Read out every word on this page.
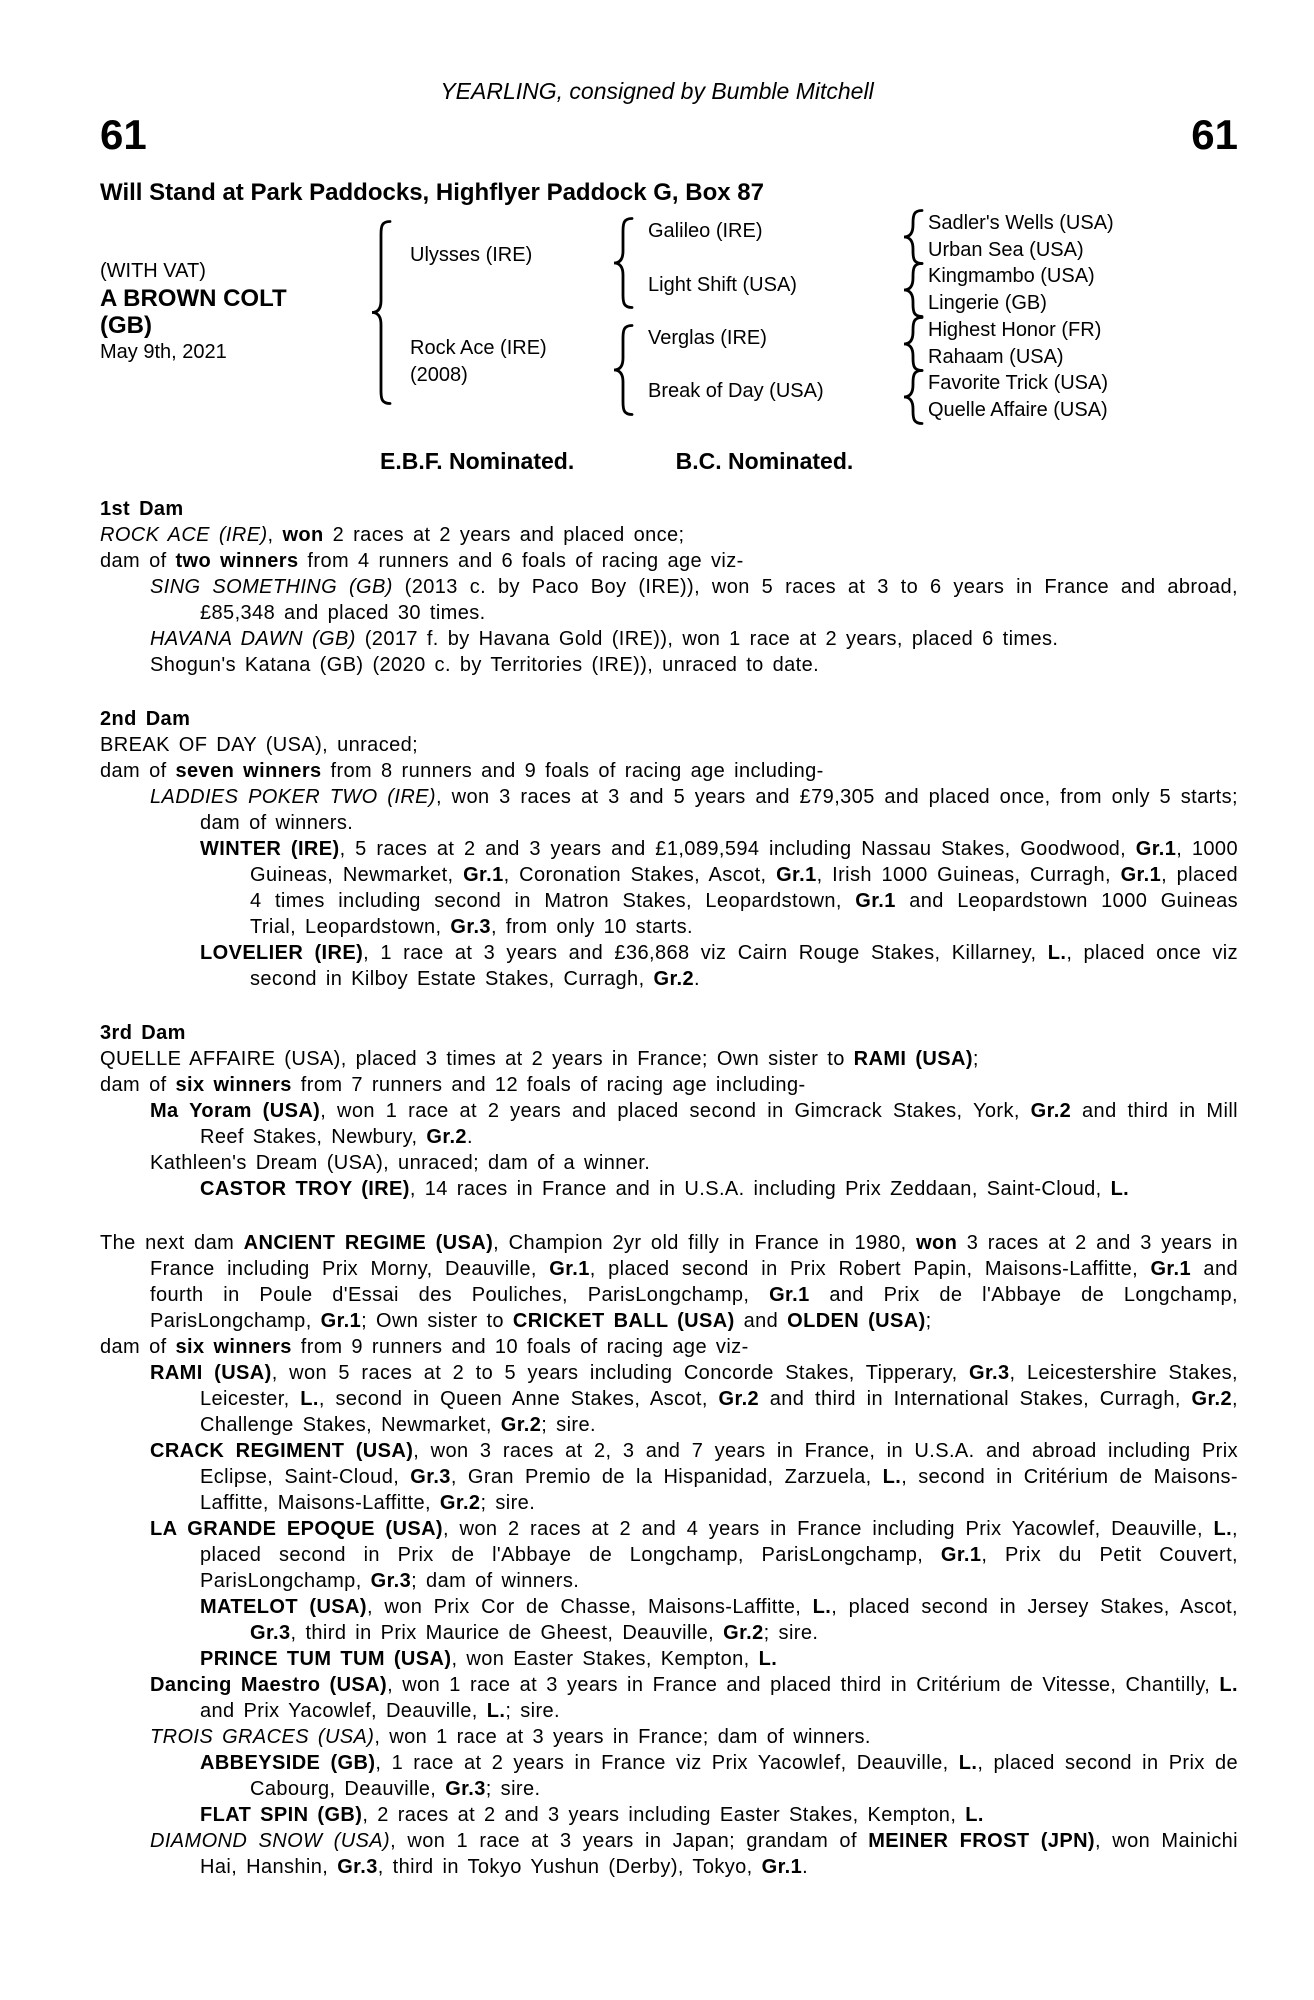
YEARLING, consigned by Bumble Mitchell
61	61
Will Stand at Park Paddocks, Highflyer Paddock G, Box 87
(WITH VAT)
A BROWN COLT
(GB)
May 9th, 2021
Ulysses (IRE)
Rock Ace (IRE)
(2008)
Galileo (IRE)
Light Shift (USA)
Verglas (IRE)
Break of Day (USA)
Sadler's Wells (USA)
Urban Sea (USA)
Kingmambo (USA)
Lingerie (GB)
Highest Honor (FR)
Rahaam (USA)
Favorite Trick (USA)
Quelle Affaire (USA)
E.B.F. Nominated.	B.C. Nominated.
1st Dam

ROCK ACE (IRE), won 2 races at 2 years and placed once;

dam of two winners from 4 runners and 6 foals of racing age viz-

SING SOMETHING (GB) (2013 c. by Paco Boy (IRE)), won 5 races at 3 to 6 years in France and abroad, £85,348 and placed 30 times.

HAVANA DAWN (GB) (2017 f. by Havana Gold (IRE)), won 1 race at 2 years, placed 6 times.

Shogun's Katana (GB) (2020 c. by Territories (IRE)), unraced to date.

2nd Dam

BREAK OF DAY (USA), unraced;

dam of seven winners from 8 runners and 9 foals of racing age including-

LADDIES POKER TWO (IRE), won 3 races at 3 and 5 years and £79,305 and placed once, from only 5 starts; dam of winners.

WINTER (IRE), 5 races at 2 and 3 years and £1,089,594 including Nassau Stakes, Goodwood, Gr.1, 1000 Guineas, Newmarket, Gr.1, Coronation Stakes, Ascot, Gr.1, Irish 1000 Guineas, Curragh, Gr.1, placed 4 times including second in Matron Stakes, Leopardstown, Gr.1 and Leopardstown 1000 Guineas Trial, Leopardstown, Gr.3, from only 10 starts.

LOVELIER (IRE), 1 race at 3 years and £36,868 viz Cairn Rouge Stakes, Killarney, L., placed once viz second in Kilboy Estate Stakes, Curragh, Gr.2.

3rd Dam

QUELLE AFFAIRE (USA), placed 3 times at 2 years in France; Own sister to RAMI (USA);

dam of six winners from 7 runners and 12 foals of racing age including-

Ma Yoram (USA), won 1 race at 2 years and placed second in Gimcrack Stakes, York, Gr.2 and third in Mill Reef Stakes, Newbury, Gr.2.

Kathleen's Dream (USA), unraced; dam of a winner.

CASTOR TROY (IRE), 14 races in France and in U.S.A. including Prix Zeddaan, Saint-Cloud, L.

The next dam ANCIENT REGIME (USA), Champion 2yr old filly in France in 1980, won 3 races at 2 and 3 years in France including Prix Morny, Deauville, Gr.1, placed second in Prix Robert Papin, Maisons-Laffitte, Gr.1 and fourth in Poule d'Essai des Pouliches, ParisLongchamp, Gr.1 and Prix de l'Abbaye de Longchamp, ParisLongchamp, Gr.1; Own sister to CRICKET BALL (USA) and OLDEN (USA);

dam of six winners from 9 runners and 10 foals of racing age viz-

RAMI (USA), won 5 races at 2 to 5 years including Concorde Stakes, Tipperary, Gr.3, Leicestershire Stakes, Leicester, L., second in Queen Anne Stakes, Ascot, Gr.2 and third in International Stakes, Curragh, Gr.2, Challenge Stakes, Newmarket, Gr.2; sire.

CRACK REGIMENT (USA), won 3 races at 2, 3 and 7 years in France, in U.S.A. and abroad including Prix Eclipse, Saint-Cloud, Gr.3, Gran Premio de la Hispanidad, Zarzuela, L., second in Critérium de Maisons-Laffitte, Maisons-Laffitte, Gr.2; sire.

LA GRANDE EPOQUE (USA), won 2 races at 2 and 4 years in France including Prix Yacowlef, Deauville, L., placed second in Prix de l'Abbaye de Longchamp, ParisLongchamp, Gr.1, Prix du Petit Couvert, ParisLongchamp, Gr.3; dam of winners.

MATELOT (USA), won Prix Cor de Chasse, Maisons-Laffitte, L., placed second in Jersey Stakes, Ascot, Gr.3, third in Prix Maurice de Gheest, Deauville, Gr.2; sire.

PRINCE TUM TUM (USA), won Easter Stakes, Kempton, L.

Dancing Maestro (USA), won 1 race at 3 years in France and placed third in Critérium de Vitesse, Chantilly, L. and Prix Yacowlef, Deauville, L.; sire.

TROIS GRACES (USA), won 1 race at 3 years in France; dam of winners.

ABBEYSIDE (GB), 1 race at 2 years in France viz Prix Yacowlef, Deauville, L., placed second in Prix de Cabourg, Deauville, Gr.3; sire.

FLAT SPIN (GB), 2 races at 2 and 3 years including Easter Stakes, Kempton, L.

DIAMOND SNOW (USA), won 1 race at 3 years in Japan; grandam of MEINER FROST (JPN), won Mainichi Hai, Hanshin, Gr.3, third in Tokyo Yushun (Derby), Tokyo, Gr.1.
